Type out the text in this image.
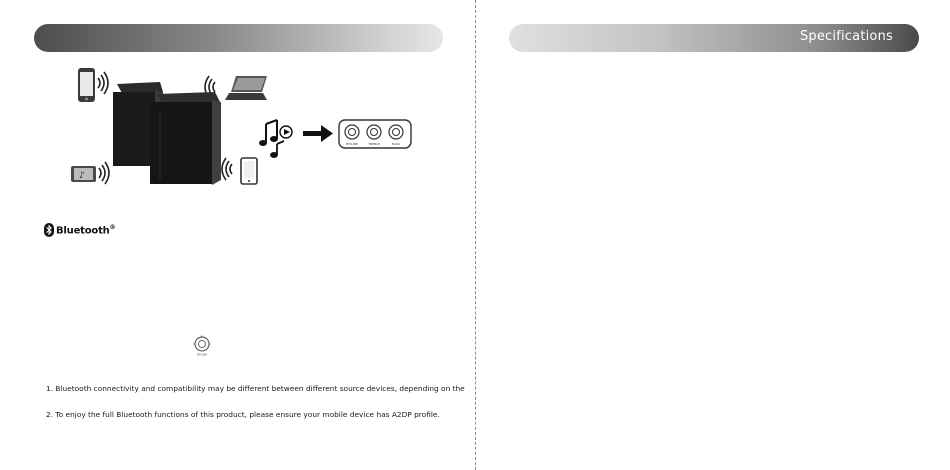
♪
BT/LINE	TREBLE	BASS
Bluetooth®
BT/LINE
1. Bluetooth connectivity and compatibility may be different between different source devices, depending on the
2. To enjoy the full Bluetooth functions of this product, please ensure your mobile device has A2DP profile.
Specifications
